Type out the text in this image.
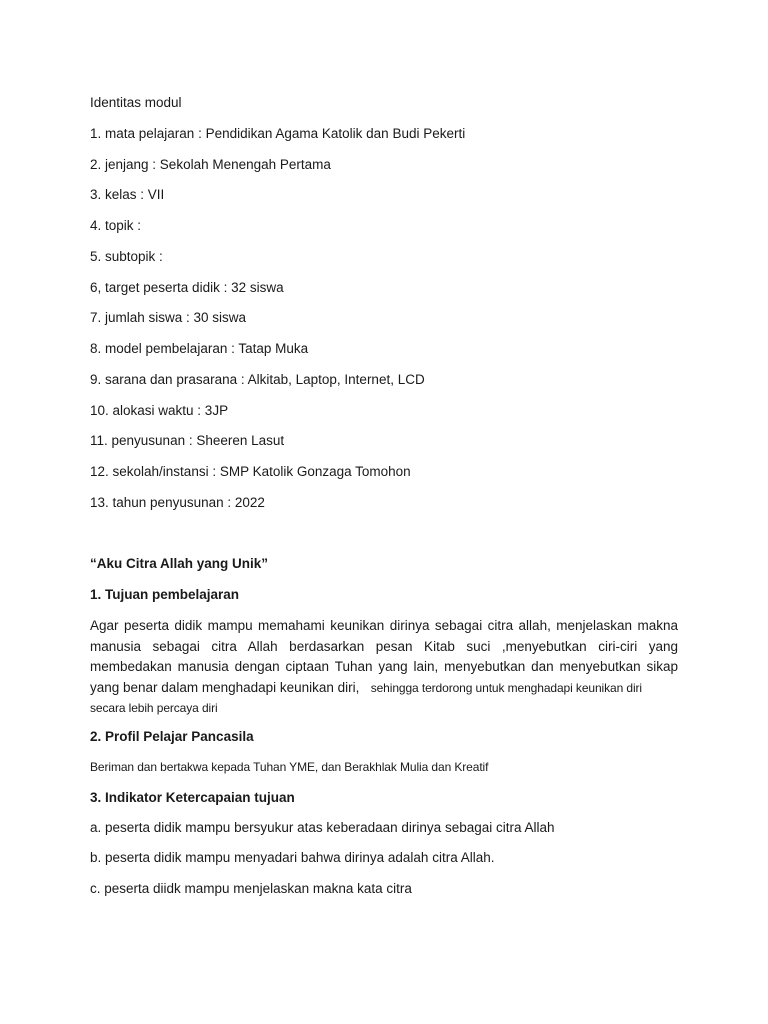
Identitas modul
1. mata pelajaran : Pendidikan Agama Katolik dan Budi Pekerti
2. jenjang : Sekolah Menengah Pertama
3. kelas : VII
4. topik :
5. subtopik :
6, target peserta didik : 32 siswa
7. jumlah siswa : 30 siswa
8. model pembelajaran : Tatap Muka
9. sarana dan prasarana : Alkitab, Laptop, Internet, LCD
10. alokasi waktu : 3JP
11. penyusunan : Sheeren Lasut
12. sekolah/instansi : SMP Katolik Gonzaga Tomohon
13. tahun penyusunan : 2022
“Aku Citra Allah yang Unik”
1. Tujuan pembelajaran
Agar peserta didik mampu memahami keunikan dirinya sebagai citra allah, menjelaskan makna
manusia sebagai citra Allah berdasarkan pesan Kitab suci ,menyebutkan ciri-ciri yang
membedakan manusia dengan ciptaan Tuhan yang lain, menyebutkan dan menyebutkan sikap
yang benar dalam menghadapi keunikan diri, sehingga terdorong untuk menghadapi keunikan diri
secara lebih percaya diri
2. Profil Pelajar Pancasila
Beriman dan bertakwa kepada Tuhan YME, dan Berakhlak Mulia dan Kreatif
3. Indikator Ketercapaian tujuan
a. peserta didik mampu bersyukur atas keberadaan dirinya sebagai citra Allah
b. peserta didik mampu menyadari bahwa dirinya adalah citra Allah.
c. peserta diidk mampu menjelaskan makna kata citra
